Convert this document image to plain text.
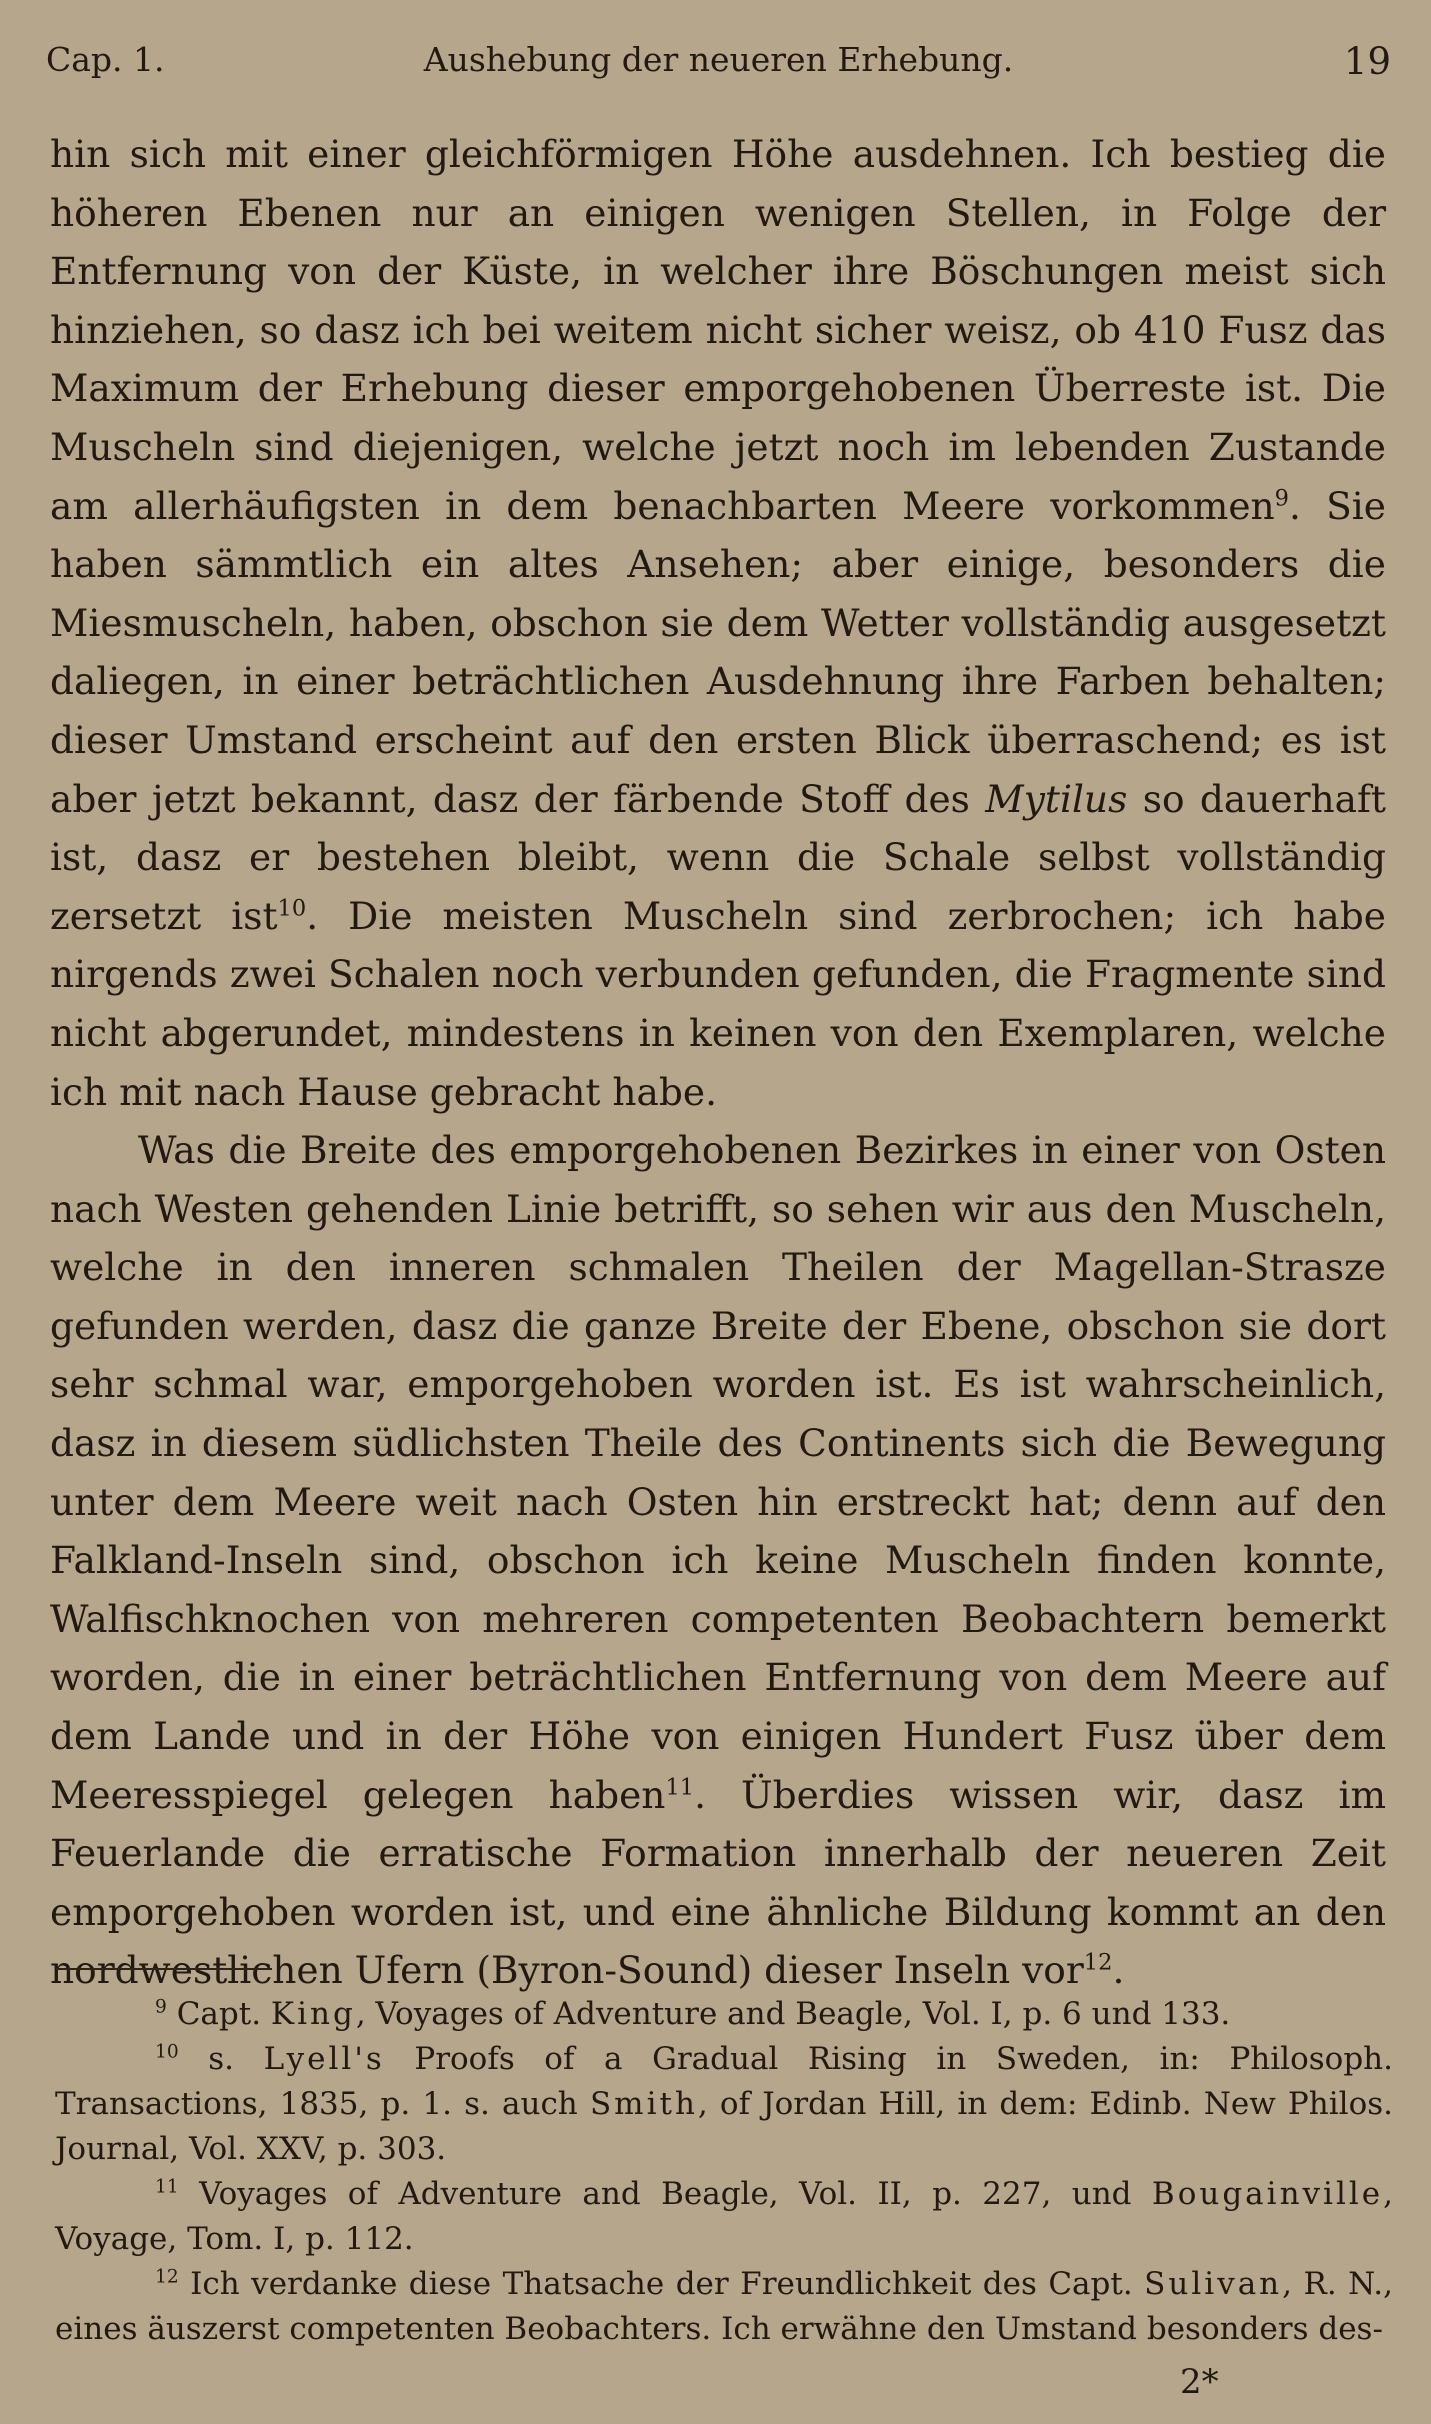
Cap. 1.	Aushebung der neueren Erhebung.	19

hin sich mit einer gleichförmigen Höhe ausdehnen. Ich bestieg die höheren Ebenen nur an einigen wenigen Stellen, in Folge der Entfernung von der Küste, in welcher ihre Böschungen meist sich hinziehen, so dasz ich bei weitem nicht sicher weisz, ob 410 Fusz das Maximum der Erhebung dieser emporgehobenen Überreste ist. Die Muscheln sind diejenigen, welche jetzt noch im lebenden Zustande am allerhäufigsten in dem benachbarten Meere vorkommen$^9$. Sie haben sämmtlich ein altes Ansehen; aber einige, besonders die Miesmuscheln, haben, obschon sie dem Wetter vollständig ausgesetzt daliegen, in einer beträchtlichen Ausdehnung ihre Farben behalten; dieser Umstand erscheint auf den ersten Blick überraschend; es ist aber jetzt bekannt, dasz der färbende Stoff des Mytilus so dauerhaft ist, dasz er bestehen bleibt, wenn die Schale selbst vollständig zersetzt ist$^{10}$. Die meisten Muscheln sind zerbrochen; ich habe nirgends zwei Schalen noch verbunden gefunden, die Fragmente sind nicht abgerundet, mindestens in keinen von den Exemplaren, welche ich mit nach Hause gebracht habe.

Was die Breite des emporgehobenen Bezirkes in einer von Osten nach Westen gehenden Linie betrifft, so sehen wir aus den Muscheln, welche in den inneren schmalen Theilen der Magellan-Strasze gefunden werden, dasz die ganze Breite der Ebene, obschon sie dort sehr schmal war, emporgehoben worden ist. Es ist wahrscheinlich, dasz in diesem südlichsten Theile des Continents sich die Bewegung unter dem Meere weit nach Osten hin erstreckt hat; denn auf den Falkland-Inseln sind, obschon ich keine Muscheln finden konnte, Walfischknochen von mehreren competenten Beobachtern bemerkt worden, die in einer beträchtlichen Entfernung von dem Meere auf dem Lande und in der Höhe von einigen Hundert Fusz über dem Meeresspiegel gelegen haben$^{11}$. Überdies wissen wir, dasz im Feuerlande die erratische Formation innerhalb der neueren Zeit emporgehoben worden ist, und eine ähnliche Bildung kommt an den nordwestlichen Ufern (Byron-Sound) dieser Inseln vor$^{12}$.

$^9$ Capt. King, Voyages of Adventure and Beagle, Vol. I, p. 6 und 133.

$^{10}$ s. Lyell's Proofs of a Gradual Rising in Sweden, in: Philosoph. Transactions, 1835, p. 1. s. auch Smith, of Jordan Hill, in dem: Edinb. New Philos. Journal, Vol. XXV, p. 303.

$^{11}$ Voyages of Adventure and Beagle, Vol. II, p. 227, und Bougainville, Voyage, Tom. I, p. 112.

$^{12}$ Ich verdanke diese Thatsache der Freundlichkeit des Capt. Sulivan, R. N., eines äuszerst competenten Beobachters. Ich erwähne den Umstand besonders des-

2*
